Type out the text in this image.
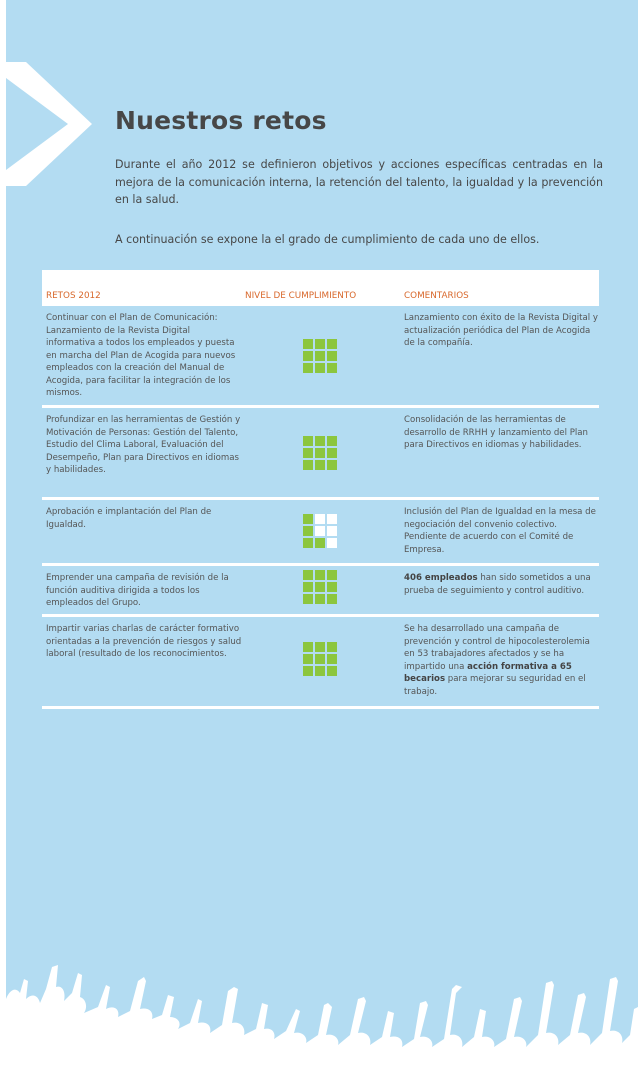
Nuestros retos

Durante el año 2012 se definieron objetivos y acciones específicas centradas en la mejora de la comunicación interna, la retención del talento, la igualdad y la prevención en la salud.

A continuación se expone la el grado de cumplimiento de cada uno de ellos.

RETOS 2012	NIVEL DE CUMPLIMIENTO	COMENTARIOS
Continuar con el Plan de Comunicación: Lanzamiento de la Revista Digital informativa a todos los empleados y puesta en marcha del Plan de Acogida para nuevos empleados con la creación del Manual de Acogida, para facilitar la integración de los mismos.
Lanzamiento con éxito de la Revista Digital y actualización periódica del Plan de Acogida de la compañía.
Profundizar en las herramientas de Gestión y Motivación de Personas: Gestión del Talento, Estudio del Clima Laboral, Evaluación del Desempeño, Plan para Directivos en idiomas y habilidades.
Consolidación de las herramientas de desarrollo de RRHH y lanzamiento del Plan para Directivos en idiomas y habilidades.
Aprobación e implantación del Plan de Igualdad.
Inclusión del Plan de Igualdad en la mesa de negociación del convenio colectivo. Pendiente de acuerdo con el Comité de Empresa.
Emprender una campaña de revisión de la función auditiva dirigida a todos los empleados del Grupo.
406 empleados han sido sometidos a una prueba de seguimiento y control auditivo.
Impartir varias charlas de carácter formativo orientadas a la prevención de riesgos y salud laboral (resultado de los reconocimientos.
Se ha desarrollado una campaña de prevención y control de hipocolesterolemia en 53 trabajadores afectados y se ha impartido una acción formativa a 65 becarios para mejorar su seguridad en el trabajo.
